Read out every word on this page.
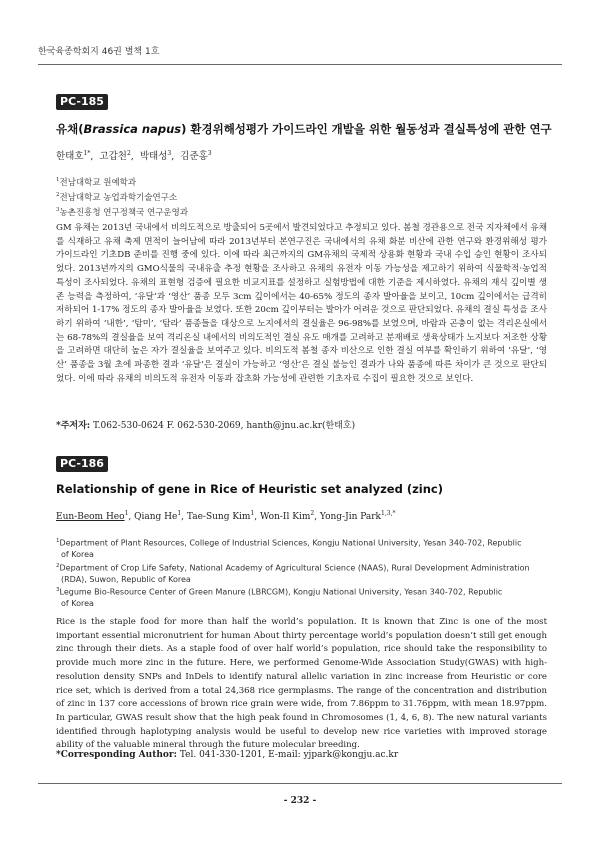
한국육종학회지 46권 별책 1호
PC-185
유채(Brassica napus) 환경위해성평가 가이드라인 개발을 위한 월동성과 결실특성에 관한 연구
한태호$^{1*}$,  고갑천$^2$,  박태성$^3$,  김준홍$^3$
$^1$전남대학교 원예학과
$^2$전남대학교 농업과학기술연구소
$^3$농촌진흥청 연구정책국 연구운영과

GM 유채는 2013년 국내에서 비의도적으로 방출되어 5곳에서 발견되었다고 추정되고 있다. 봄철 경관용으로 전국 지자체에서 유채를 식재하고 유채 축제 면적이 늘어남에 따라 2013년부터 본연구진은 국내에서의 유채 화분 비산에 관한 연구와 환경위해성 평가 가이드라인 기초DB 준비를 진행 중에 있다. 이에 따라 최근까지의 GM유채의 국제적 상용화 현황과 국내 수입 승인 현황이 조사되었다. 2013년까지의 GMO식물의 국내유출 추정 현황을 조사하고 유채의 유전자 이동 가능성을 제고하기 위하여 식물학적·농업적 특성이 조사되었다. 유채의 표현형 검증에 필요한 비교지표를 설정하고 실험방법에 대한 기준을 제시하였다. 유채의 재식 깊이별 생존 능력을 측정하여, ‘유달’과 ‘영산’ 품종 모두 3cm 깊이에서는 40-65% 정도의 종자 발아율을 보이고, 10cm 깊이에서는 급격히 저하되어 1-17% 정도의 종자 발아율을 보였다. 또한 20cm 깊이부터는 발아가 어려운 것으로 판단되었다. 유채의 결실 특성을 조사하기 위하여 ‘내한’, ‘탐미’, ‘탐라’ 품종들을 대상으로 노지에서의 결실율은 96-98%를 보였으며, 바람과 곤충이 없는 격리온실에서는 68-78%의 결실율을 보여 격리온실 내에서의 비의도적인 결실 유도 매개를 고려하고 분재배로 생육상태가 노지보다 저조한 상황을 고려하면 대단히 높은 자가 결실율을 보여주고 있다. 비의도적 봄철 종자 비산으로 인한 결실 여부를 확인하기 위하여 ‘유달’, ‘영산’ 품종을 3월 초에 파종한 결과 ‘유달’은 결실이 가능하고 ‘영산’은 결실 불능인 결과가 나와 품종에 따른 차이가 큰 것으로 판단되었다. 이에 따라 유채의 비의도적 유전자 이동과 잡초화 가능성에 관련한 기초자료 수집이 필요한 것으로 보인다.

*주저자: T.062-530-0624 F. 062-530-2069, hanth@jnu.ac.kr(한태호)
PC-186
Relationship of gene in Rice of Heuristic set analyzed (zinc)
Eun-Beom Heo$^1$, Qiang He$^1$, Tae-Sung Kim$^1$, Won-Il Kim$^2$, Yong-Jin Park$^{1,3,*}$
$^1$Department of Plant Resources, College of Industrial Sciences, Kongju National University, Yesan 340-702, Republic
of Korea
$^2$Department of Crop Life Safety, National Academy of Agricultural Science (NAAS), Rural Development Administration
(RDA), Suwon, Republic of Korea
$^3$Legume Bio-Resource Center of Green Manure (LBRCGM), Kongju National University, Yesan 340-702, Republic
of Korea

Rice is the staple food for more than half the world’s population. It is known that Zinc is one of the most important essential micronutrient for human About thirty percentage world’s population doesn’t still get enough zinc through their diets. As a staple food of over half world’s population, rice should take the responsibility to provide much more zinc in the future. Here, we performed Genome-Wide Association Study(GWAS) with high-resolution density SNPs and InDels to identify natural allelic variation in zinc increase from Heuristic or core rice set, which is derived from a total 24,368 rice germplasms. The range of the concentration and distribution of zinc in 137 core accessions of brown rice grain were wide, from 7.86ppm to 31.76ppm, with mean 18.97ppm. In particular, GWAS result show that the high peak found in Chromosomes (1, 4, 6, 8). The new natural variants identified through haplotyping analysis would be useful to develop new rice varieties with improved storage ability of the valuable mineral through the future molecular breeding.

*Corresponding Author: Tel. 041-330-1201, E-mail: yjpark@kongju.ac.kr
- 232 -
